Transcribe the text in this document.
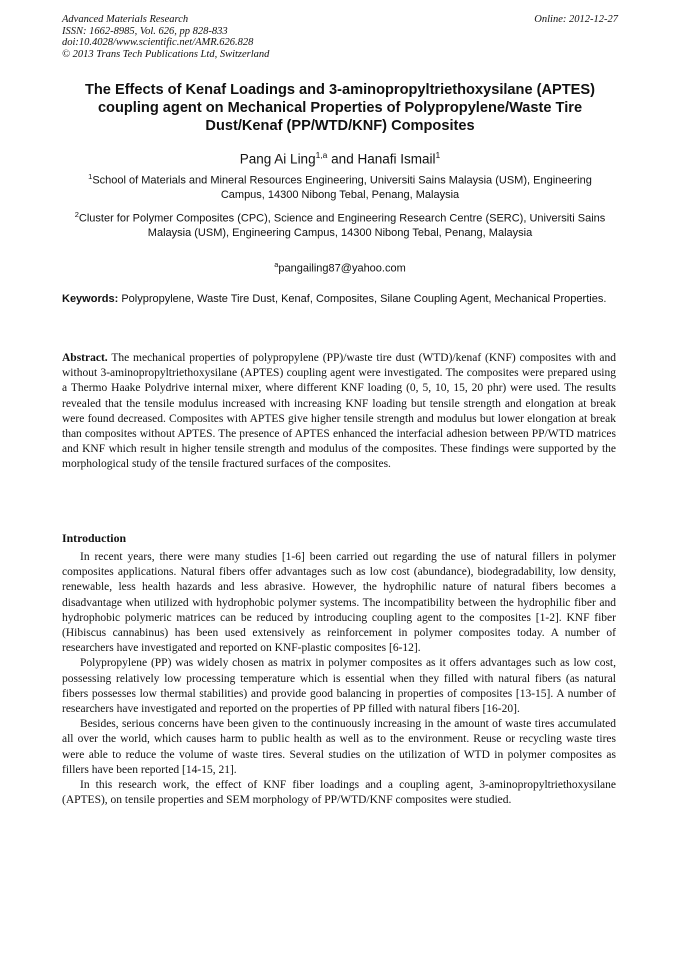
Advanced Materials Research	Online: 2012-12-27
ISSN: 1662-8985, Vol. 626, pp 828-833
doi:10.4028/www.scientific.net/AMR.626.828
© 2013 Trans Tech Publications Ltd, Switzerland
The Effects of Kenaf Loadings and 3-aminopropyltriethoxysilane (APTES) coupling agent on Mechanical Properties of Polypropylene/Waste Tire Dust/Kenaf (PP/WTD/KNF) Composites
Pang Ai Ling$^{1,a}$ and Hanafi Ismail$^1$
$^1$School of Materials and Mineral Resources Engineering, Universiti Sains Malaysia (USM), Engineering Campus, 14300 Nibong Tebal, Penang, Malaysia
$^2$Cluster for Polymer Composites (CPC), Science and Engineering Research Centre (SERC), Universiti Sains Malaysia (USM), Engineering Campus, 14300 Nibong Tebal, Penang, Malaysia
$^a$pangailing87@yahoo.com
Keywords: Polypropylene, Waste Tire Dust, Kenaf, Composites, Silane Coupling Agent, Mechanical Properties.
Abstract. The mechanical properties of polypropylene (PP)/waste tire dust (WTD)/kenaf (KNF) composites with and without 3-aminopropyltriethoxysilane (APTES) coupling agent were investigated. The composites were prepared using a Thermo Haake Polydrive internal mixer, where different KNF loading (0, 5, 10, 15, 20 phr) were used. The results revealed that the tensile modulus increased with increasing KNF loading but tensile strength and elongation at break were found decreased. Composites with APTES give higher tensile strength and modulus but lower elongation at break than composites without APTES. The presence of APTES enhanced the interfacial adhesion between PP/WTD matrices and KNF which result in higher tensile strength and modulus of the composites. These findings were supported by the morphological study of the tensile fractured surfaces of the composites.
Introduction

In recent years, there were many studies [1-6] been carried out regarding the use of natural fillers in polymer composites applications. Natural fibers offer advantages such as low cost (abundance), biodegradability, low density, renewable, less health hazards and less abrasive. However, the hydrophilic nature of natural fibers becomes a disadvantage when utilized with hydrophobic polymer systems. The incompatibility between the hydrophilic fiber and hydrophobic polymeric matrices can be reduced by introducing coupling agent to the composites [1-2]. KNF fiber (Hibiscus cannabinus) has been used extensively as reinforcement in polymer composites today. A number of researchers have investigated and reported on KNF-plastic composites [6-12].

Polypropylene (PP) was widely chosen as matrix in polymer composites as it offers advantages such as low cost, possessing relatively low processing temperature which is essential when they filled with natural fibers (as natural fibers possesses low thermal stabilities) and provide good balancing in properties of composites [13-15]. A number of researchers have investigated and reported on the properties of PP filled with natural fibers [16-20].

Besides, serious concerns have been given to the continuously increasing in the amount of waste tires accumulated all over the world, which causes harm to public health as well as to the environment. Reuse or recycling waste tires were able to reduce the volume of waste tires. Several studies on the utilization of WTD in polymer composites as fillers have been reported [14-15, 21].

In this research work, the effect of KNF fiber loadings and a coupling agent, 3-aminopropyltriethoxysilane (APTES), on tensile properties and SEM morphology of PP/WTD/KNF composites were studied.
